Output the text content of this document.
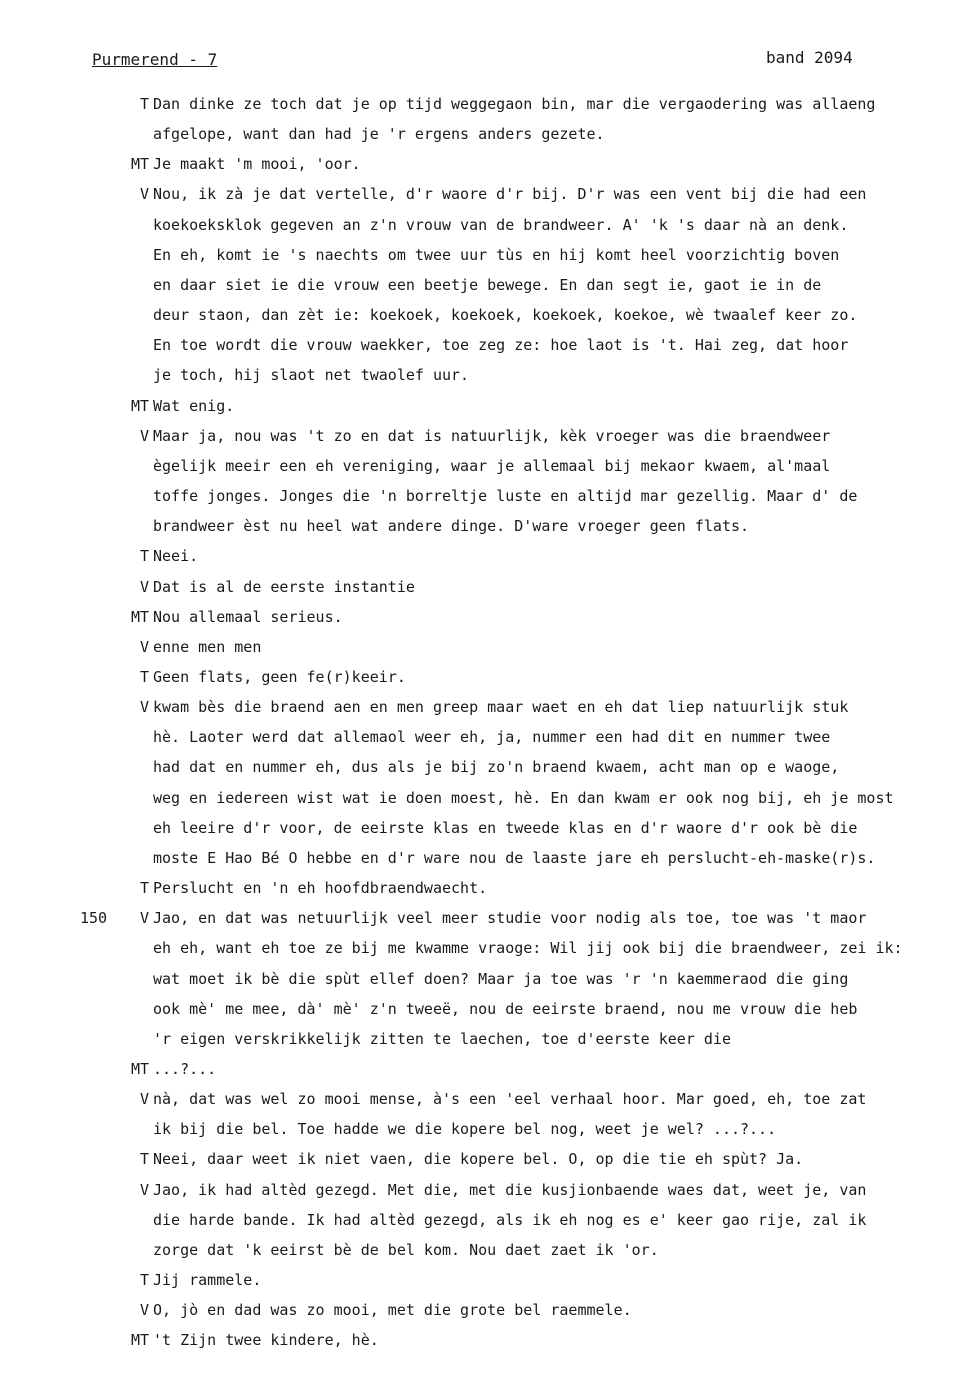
Purmerend - 7	band 2094
T Dan dinke ze toch dat je op tijd weggegaon bin, mar die vergaodering was allaeng
afgelope, want dan had je 'r ergens anders gezete.
MT Je maakt 'm mooi, 'oor.
V Nou, ik zà je dat vertelle, d'r waore d'r bij. D'r was een vent bij die had een
koekoeksklok gegeven an z'n vrouw van de brandweer. A' 'k 's daar nà an denk.
En eh, komt ie 's naechts om twee uur tùs en hij komt heel voorzichtig boven
en daar siet ie die vrouw een beetje bewege. En dan segt ie, gaot ie in de
deur staon, dan zèt ie: koekoek, koekoek, koekoek, koekoe, wè twaalef keer zo.
En toe wordt die vrouw waekker, toe zeg ze: hoe laot is 't. Hai zeg, dat hoor
je toch, hij slaot net twaolef uur.
MT Wat enig.
V Maar ja, nou was 't zo en dat is natuurlijk, kèk vroeger was die braendweer
ègelijk meeir een eh vereniging, waar je allemaal bij mekaor kwaem, al'maal
toffe jonges. Jonges die 'n borreltje luste en altijd mar gezellig. Maar d' de
brandweer èst nu heel wat andere dinge. D'ware vroeger geen flats.
T Neei.
V Dat is al de eerste instantie
MT Nou allemaal serieus.
V enne men men
T Geen flats, geen fe(r)keeir.
V kwam bès die braend aen en men greep maar waet en eh dat liep natuurlijk stuk
hè. Laoter werd dat allemaol weer eh, ja, nummer een had dit en nummer twee
had dat en nummer eh, dus als je bij zo'n braend kwaem, acht man op e waoge,
weg en iedereen wist wat ie doen moest, hè. En dan kwam er ook nog bij, eh je most
eh leeire d'r voor, de eeirste klas en tweede klas en d'r waore d'r ook bè die
moste E Hao Bé O hebbe en d'r ware nou de laaste jare eh perslucht-eh-maske(r)s.
T Perslucht en 'n eh hoofdbraendwaecht.
150	V Jao, en dat was netuurlijk veel meer studie voor nodig als toe, toe was 't maor
eh eh, want eh toe ze bij me kwamme vraoge: Wil jij ook bij die braendweer, zei ik:
wat moet ik bè die spùt ellef doen? Maar ja toe was 'r 'n kaemmeraod die ging
ook mè' me mee, dà' mè' z'n tweeë, nou de eeirste braend, nou me vrouw die heb
'r eigen verskrikkelijk zitten te laechen, toe d'eerste keer die
MT ...?...
V nà, dat was wel zo mooi mense, à's een 'eel verhaal hoor. Mar goed, eh, toe zat
ik bij die bel. Toe hadde we die kopere bel nog, weet je wel? ...?...
T Neei, daar weet ik niet vaen, die kopere bel. O, op die tie eh spùt? Ja.
V Jao, ik had altèd gezegd. Met die, met die kusjionbaende waes dat, weet je, van
die harde bande. Ik had altèd gezegd, als ik eh nog es e' keer gao rije, zal ik
zorge dat 'k eeirst bè de bel kom. Nou daet zaet ik 'or.
T Jij rammele.
V O, jò en dad was zo mooi, met die grote bel raemmele.
MT 't Zijn twee kindere, hè.
